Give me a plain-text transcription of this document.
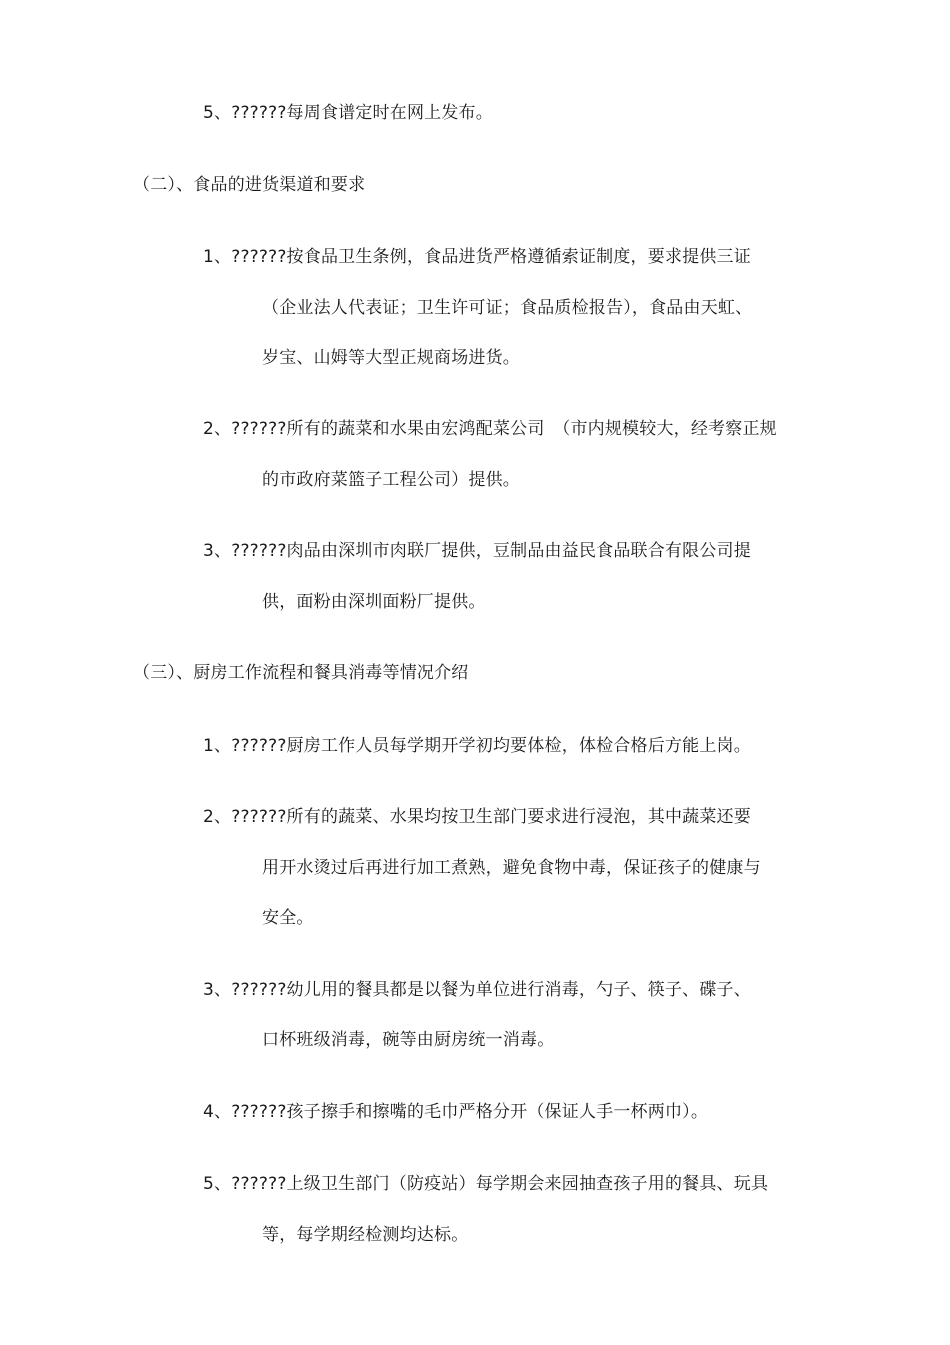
5、??????每周食谱定时在网上发布。
（二）、食品的进货渠道和要求
1、??????按食品卫生条例，食品进货严格遵循索证制度，要求提供三证
（企业法人代表证；卫生许可证；食品质检报告），食品由天虹、
岁宝、山姆等大型正规商场进货。
2、??????所有的蔬菜和水果由宏鸿配菜公司　（市内规模较大，经考察正规
的市政府菜篮子工程公司）提供。
3、??????肉品由深圳市肉联厂提供，豆制品由益民食品联合有限公司提
供，面粉由深圳面粉厂提供。
（三）、厨房工作流程和餐具消毒等情况介绍
1、??????厨房工作人员每学期开学初均要体检，体检合格后方能上岗。
2、??????所有的蔬菜、水果均按卫生部门要求进行浸泡，其中蔬菜还要
用开水烫过后再进行加工煮熟，避免食物中毒，保证孩子的健康与
安全。
3、??????幼儿用的餐具都是以餐为单位进行消毒，勺子、筷子、碟子、
口杯班级消毒，碗等由厨房统一消毒。
4、??????孩子擦手和擦嘴的毛巾严格分开（保证人手一杯两巾）。
5、??????上级卫生部门（防疫站）每学期会来园抽查孩子用的餐具、玩具
等，每学期经检测均达标。
